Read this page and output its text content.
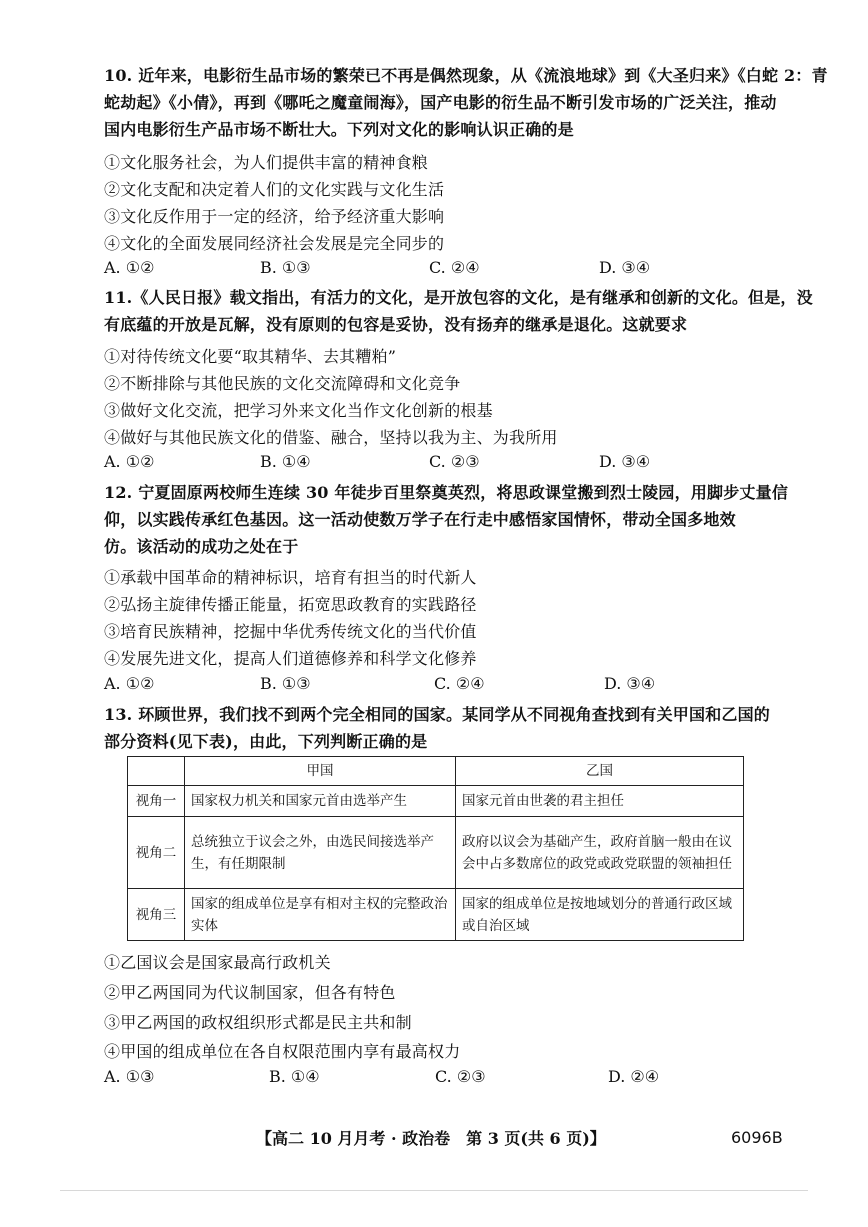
10. 近年来，电影衍生品市场的繁荣已不再是偶然现象，从《流浪地球》到《大圣归来》《白蛇 2：青
蛇劫起》《小倩》，再到《哪吒之魔童闹海》，国产电影的衍生品不断引发市场的广泛关注，推动
国内电影衍生产品市场不断壮大。下列对文化的影响认识正确的是
①文化服务社会，为人们提供丰富的精神食粮
②文化支配和决定着人们的文化实践与文化生活
③文化反作用于一定的经济，给予经济重大影响
④文化的全面发展同经济社会发展是完全同步的
A. ①②	B. ①③	C. ②④	D. ③④
11.《人民日报》载文指出，有活力的文化，是开放包容的文化，是有继承和创新的文化。但是，没
有底蕴的开放是瓦解，没有原则的包容是妥协，没有扬弃的继承是退化。这就要求
①对待传统文化要“取其精华、去其糟粕”
②不断排除与其他民族的文化交流障碍和文化竞争
③做好文化交流，把学习外来文化当作文化创新的根基
④做好与其他民族文化的借鉴、融合，坚持以我为主、为我所用
A. ①②	B. ①④	C. ②③	D. ③④
12. 宁夏固原两校师生连续 30 年徒步百里祭奠英烈，将思政课堂搬到烈士陵园，用脚步丈量信
仰，以实践传承红色基因。这一活动使数万学子在行走中感悟家国情怀，带动全国多地效
仿。该活动的成功之处在于
①承载中国革命的精神标识，培育有担当的时代新人
②弘扬主旋律传播正能量，拓宽思政教育的实践路径
③培育民族精神，挖掘中华优秀传统文化的当代价值
④发展先进文化，提高人们道德修养和科学文化修养
A. ①②	B. ①③	C. ②④	D. ③④
13. 环顾世界，我们找不到两个完全相同的国家。某同学从不同视角查找到有关甲国和乙国的
部分资料(见下表)，由此，下列判断正确的是
	甲国	乙国
视角一	国家权力机关和国家元首由选举产生	国家元首由世袭的君主担任
视角二	总统独立于议会之外，由选民间接选举产生，有任期限制	政府以议会为基础产生，政府首脑一般由在议会中占多数席位的政党或政党联盟的领袖担任
视角三	国家的组成单位是享有相对主权的完整政治实体	国家的组成单位是按地域划分的普通行政区域或自治区域
①乙国议会是国家最高行政机关
②甲乙两国同为代议制国家，但各有特色
③甲乙两国的政权组织形式都是民主共和制
④甲国的组成单位在各自权限范围内享有最高权力
A. ①③	B. ①④	C. ②③	D. ②④
【高二 10 月月考 · 政治卷　第 3 页(共 6 页)】	6096B
